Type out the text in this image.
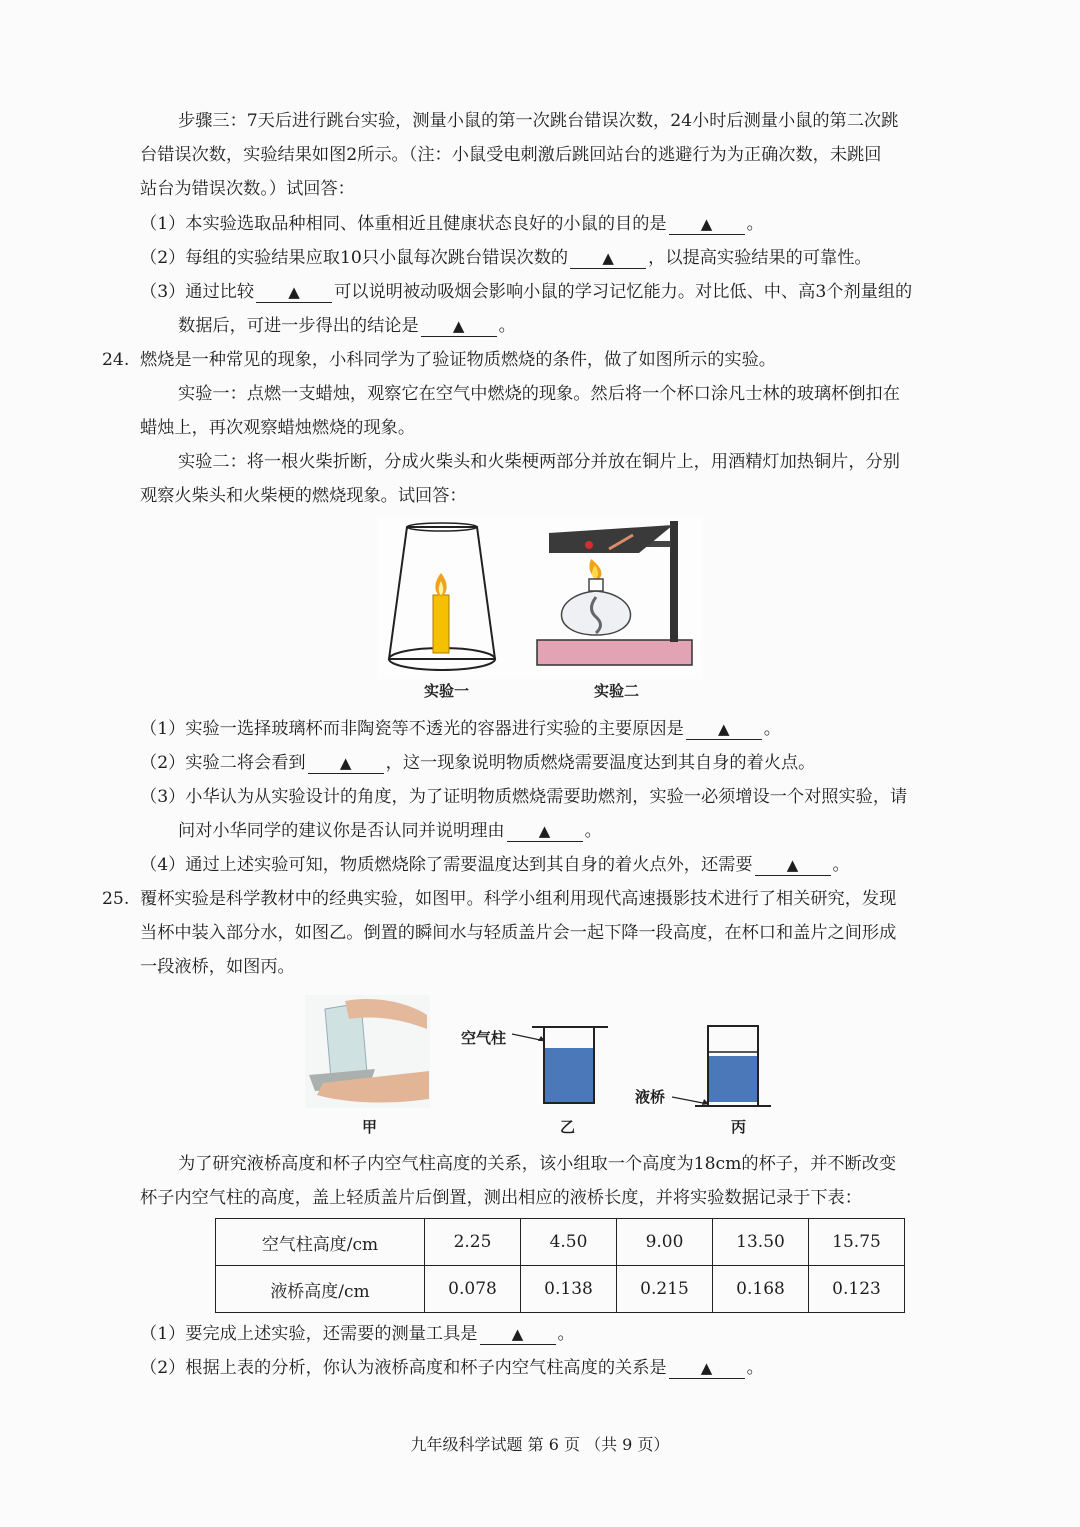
步骤三：7天后进行跳台实验，测量小鼠的第一次跳台错误次数，24小时后测量小鼠的第二次跳
台错误次数，实验结果如图2所示。（注：小鼠受电刺激后跳回站台的逃避行为为正确次数，未跳回
站台为错误次数。）试回答：
（1）本实验选取品种相同、体重相近且健康状态良好的小鼠的目的是 ▲ 。
（2）每组的实验结果应取10只小鼠每次跳台错误次数的 ▲ ，以提高实验结果的可靠性。
（3）通过比较 ▲ 可以说明被动吸烟会影响小鼠的学习记忆能力。对比低、中、高3个剂量组的
数据后，可进一步得出的结论是 ▲ 。
24. 燃烧是一种常见的现象，小科同学为了验证物质燃烧的条件，做了如图所示的实验。
实验一：点燃一支蜡烛，观察它在空气中燃烧的现象。然后将一个杯口涂凡士林的玻璃杯倒扣在
蜡烛上，再次观察蜡烛燃烧的现象。
实验二：将一根火柴折断，分成火柴头和火柴梗两部分并放在铜片上，用酒精灯加热铜片，分别
观察火柴头和火柴梗的燃烧现象。试回答：
实验一	实验二
（1）实验一选择玻璃杯而非陶瓷等不透光的容器进行实验的主要原因是 ▲ 。
（2）实验二将会看到 ▲ ，这一现象说明物质燃烧需要温度达到其自身的着火点。
（3）小华认为从实验设计的角度，为了证明物质燃烧需要助燃剂，实验一必须增设一个对照实验，请
问对小华同学的建议你是否认同并说明理由 ▲ 。
（4）通过上述实验可知，物质燃烧除了需要温度达到其自身的着火点外，还需要 ▲ 。
25. 覆杯实验是科学教材中的经典实验，如图甲。科学小组利用现代高速摄影技术进行了相关研究，发现
当杯中装入部分水，如图乙。倒置的瞬间水与轻质盖片会一起下降一段高度，在杯口和盖片之间形成
一段液桥，如图丙。
空气柱
液桥
甲	乙	丙
为了研究液桥高度和杯子内空气柱高度的关系，该小组取一个高度为18cm的杯子，并不断改变
杯子内空气柱的高度，盖上轻质盖片后倒置，测出相应的液桥长度，并将实验数据记录于下表：
空气柱高度/cm	2.25	4.50	9.00	13.50	15.75
液桥高度/cm	0.078	0.138	0.215	0.168	0.123
（1）要完成上述实验，还需要的测量工具是 ▲ 。
（2）根据上表的分析，你认为液桥高度和杯子内空气柱高度的关系是 ▲ 。
九年级科学试题 第 6 页 （共 9 页）
